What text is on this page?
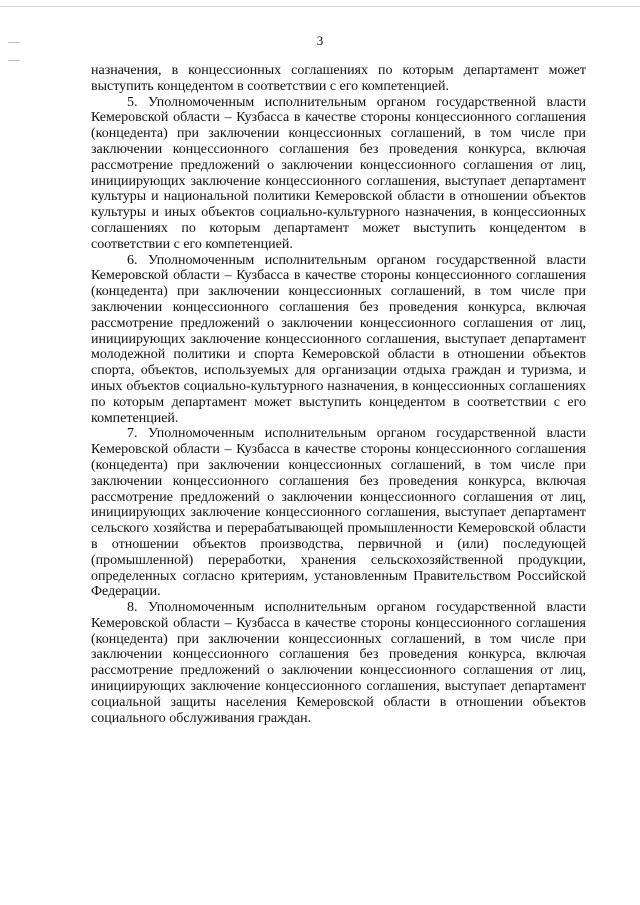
3

назначения, в концессионных соглашениях по которым департамент может выступить концедентом в соответствии с его компетенцией.

5. Уполномоченным исполнительным органом государственной власти Кемеровской области – Кузбасса в качестве стороны концессионного соглашения (концедента) при заключении концессионных соглашений, в том числе при заключении концессионного соглашения без проведения конкурса, включая рассмотрение предложений о заключении концессионного соглашения от лиц, инициирующих заключение концессионного соглашения, выступает департамент культуры и национальной политики Кемеровской области в отношении объектов культуры и иных объектов социально-культурного назначения, в концессионных соглашениях по которым департамент может выступить концедентом в соответствии с его компетенцией.

6. Уполномоченным исполнительным органом государственной власти Кемеровской области – Кузбасса в качестве стороны концессионного соглашения (концедента) при заключении концессионных соглашений, в том числе при заключении концессионного соглашения без проведения конкурса, включая рассмотрение предложений о заключении концессионного соглашения от лиц, инициирующих заключение концессионного соглашения, выступает департамент молодежной политики и спорта Кемеровской области в отношении объектов спорта, объектов, используемых для организации отдыха граждан и туризма, и иных объектов социально-культурного назначения, в концессионных соглашениях по которым департамент может выступить концедентом в соответствии с его компетенцией.

7. Уполномоченным исполнительным органом государственной власти Кемеровской области – Кузбасса в качестве стороны концессионного соглашения (концедента) при заключении концессионных соглашений, в том числе при заключении концессионного соглашения без проведения конкурса, включая рассмотрение предложений о заключении концессионного соглашения от лиц, инициирующих заключение концессионного соглашения, выступает департамент сельского хозяйства и перерабатывающей промышленности Кемеровской области в отношении объектов производства, первичной и (или) последующей (промышленной) переработки, хранения сельскохозяйственной продукции, определенных согласно критериям, установленным Правительством Российской Федерации.

8. Уполномоченным исполнительным органом государственной власти Кемеровской области – Кузбасса в качестве стороны концессионного соглашения (концедента) при заключении концессионных соглашений, в том числе при заключении концессионного соглашения без проведения конкурса, включая рассмотрение предложений о заключении концессионного соглашения от лиц, инициирующих заключение концессионного соглашения, выступает департамент социальной защиты населения Кемеровской области в отношении объектов социального обслуживания граждан.
